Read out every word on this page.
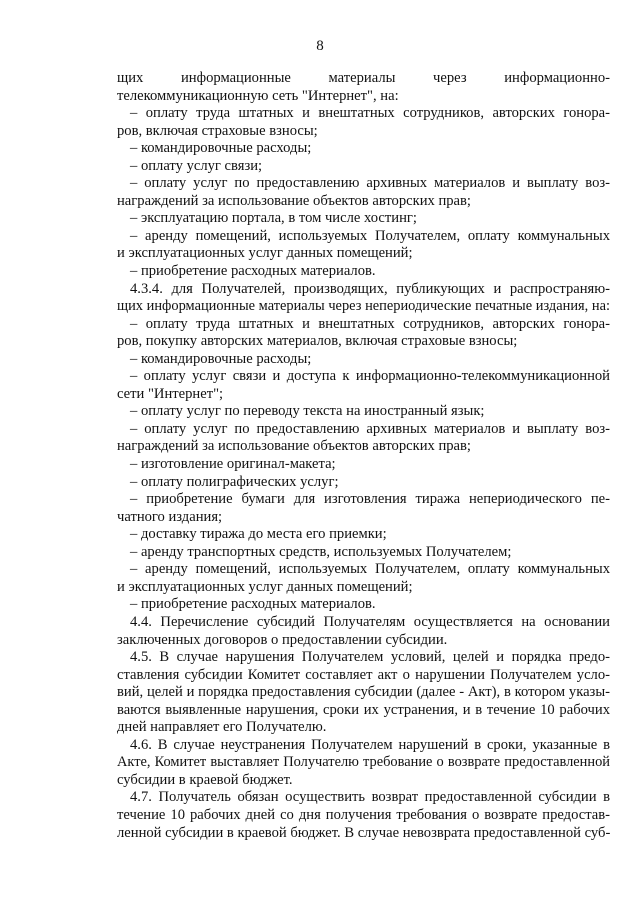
8
щих информационные материалы через информационно-
телекоммуникационную сеть "Интернет", на:
– оплату труда штатных и внештатных сотрудников, авторских гонора-
ров, включая страховые взносы;
– командировочные расходы;
– оплату услуг связи;
– оплату услуг по предоставлению архивных материалов и выплату воз-
награждений за использование объектов авторских прав;
– эксплуатацию портала, в том числе хостинг;
– аренду помещений, используемых Получателем, оплату коммунальных
и эксплуатационных услуг данных помещений;
– приобретение расходных материалов.
4.3.4. для Получателей, производящих, публикующих и распространяю-
щих информационные материалы через непериодические печатные издания, на:
– оплату труда штатных и внештатных сотрудников, авторских гонора-
ров, покупку авторских материалов, включая страховые взносы;
– командировочные расходы;
– оплату услуг связи и доступа к информационно-телекоммуникационной
сети "Интернет";
– оплату услуг по переводу текста на иностранный язык;
– оплату услуг по предоставлению архивных материалов и выплату воз-
награждений за использование объектов авторских прав;
– изготовление оригинал-макета;
– оплату полиграфических услуг;
– приобретение бумаги для изготовления тиража непериодического пе-
чатного издания;
– доставку тиража до места его приемки;
– аренду транспортных средств, используемых Получателем;
– аренду помещений, используемых Получателем, оплату коммунальных
и эксплуатационных услуг данных помещений;
– приобретение расходных материалов.
4.4. Перечисление субсидий Получателям осуществляется на основании
заключенных договоров о предоставлении субсидии.
4.5. В случае нарушения Получателем условий, целей и порядка предо-
ставления субсидии Комитет составляет акт о нарушении Получателем усло-
вий, целей и порядка предоставления субсидии (далее - Акт), в котором указы-
ваются выявленные нарушения, сроки их устранения, и в течение 10 рабочих
дней направляет его Получателю.
4.6. В случае неустранения Получателем нарушений в сроки, указанные в
Акте, Комитет выставляет Получателю требование о возврате предоставленной
субсидии в краевой бюджет.
4.7. Получатель обязан осуществить возврат предоставленной субсидии в
течение 10 рабочих дней со дня получения требования о возврате предостав-
ленной субсидии в краевой бюджет. В случае невозврата предоставленной суб-
